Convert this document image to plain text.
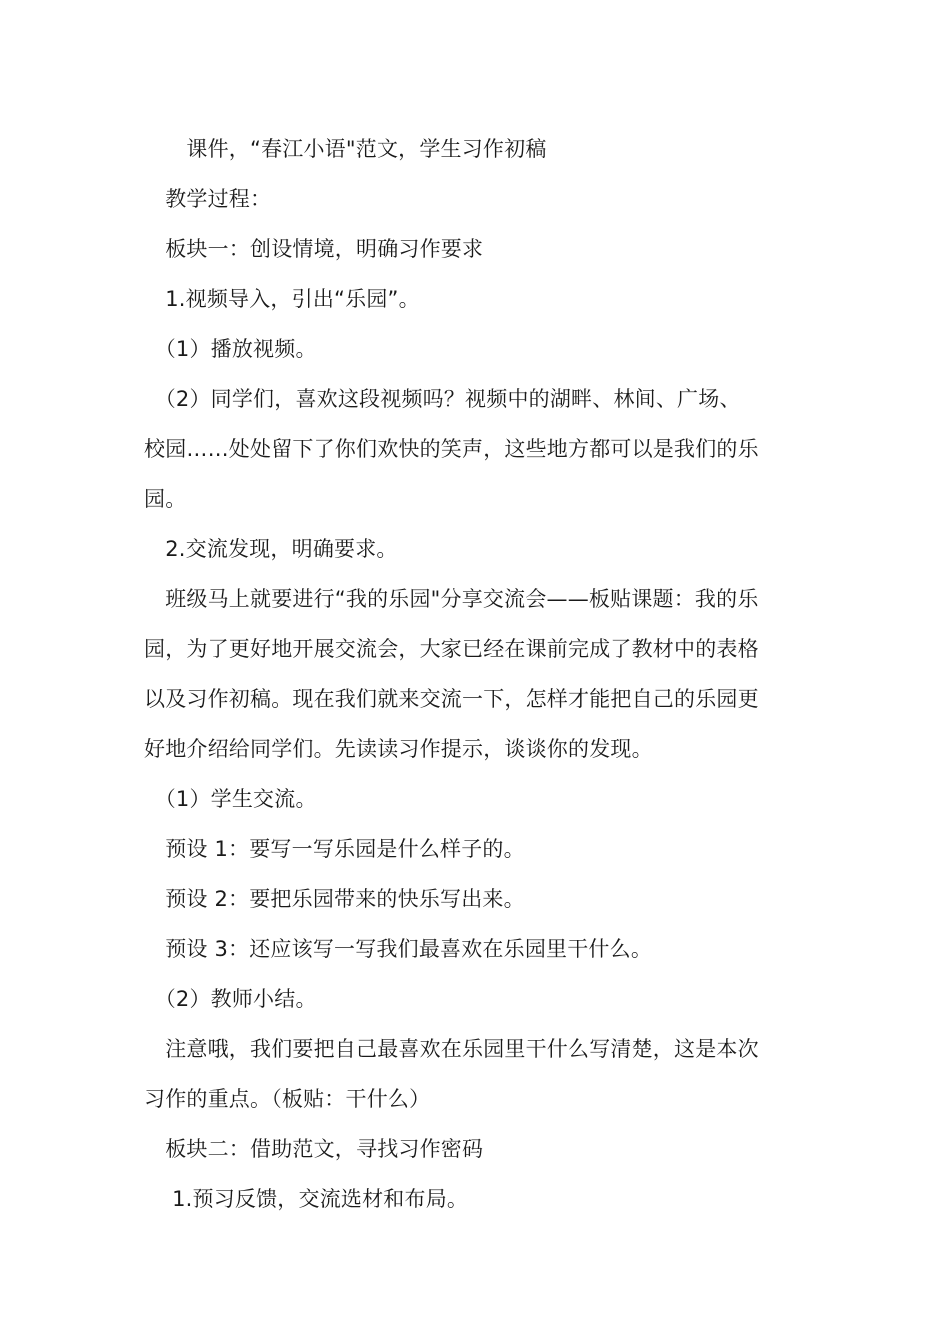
　　课件，“春江小语"范文，学生习作初稿
　教学过程：
　板块一：创设情境，明确习作要求
　1.视频导入，引出“乐园”。
　（1）播放视频。
　（2）同学们，喜欢这段视频吗？视频中的湖畔、林间、广场、
校园……处处留下了你们欢快的笑声，这些地方都可以是我们的乐
园。
　2.交流发现，明确要求。
　班级马上就要进行“我的乐园"分享交流会——板贴课题：我的乐
园，为了更好地开展交流会，大家已经在课前完成了教材中的表格
以及习作初稿。现在我们就来交流一下，怎样才能把自己的乐园更
好地介绍给同学们。先读读习作提示，谈谈你的发现。
　（1）学生交流。
　预设 1：要写一写乐园是什么样子的。
　预设 2：要把乐园带来的快乐写出来。
　预设 3：还应该写一写我们最喜欢在乐园里干什么。
　（2）教师小结。
　注意哦，我们要把自己最喜欢在乐园里干什么写清楚，这是本次
习作的重点。（板贴：干什么）
　板块二：借助范文，寻找习作密码
　 1.预习反馈，交流选材和布局。
